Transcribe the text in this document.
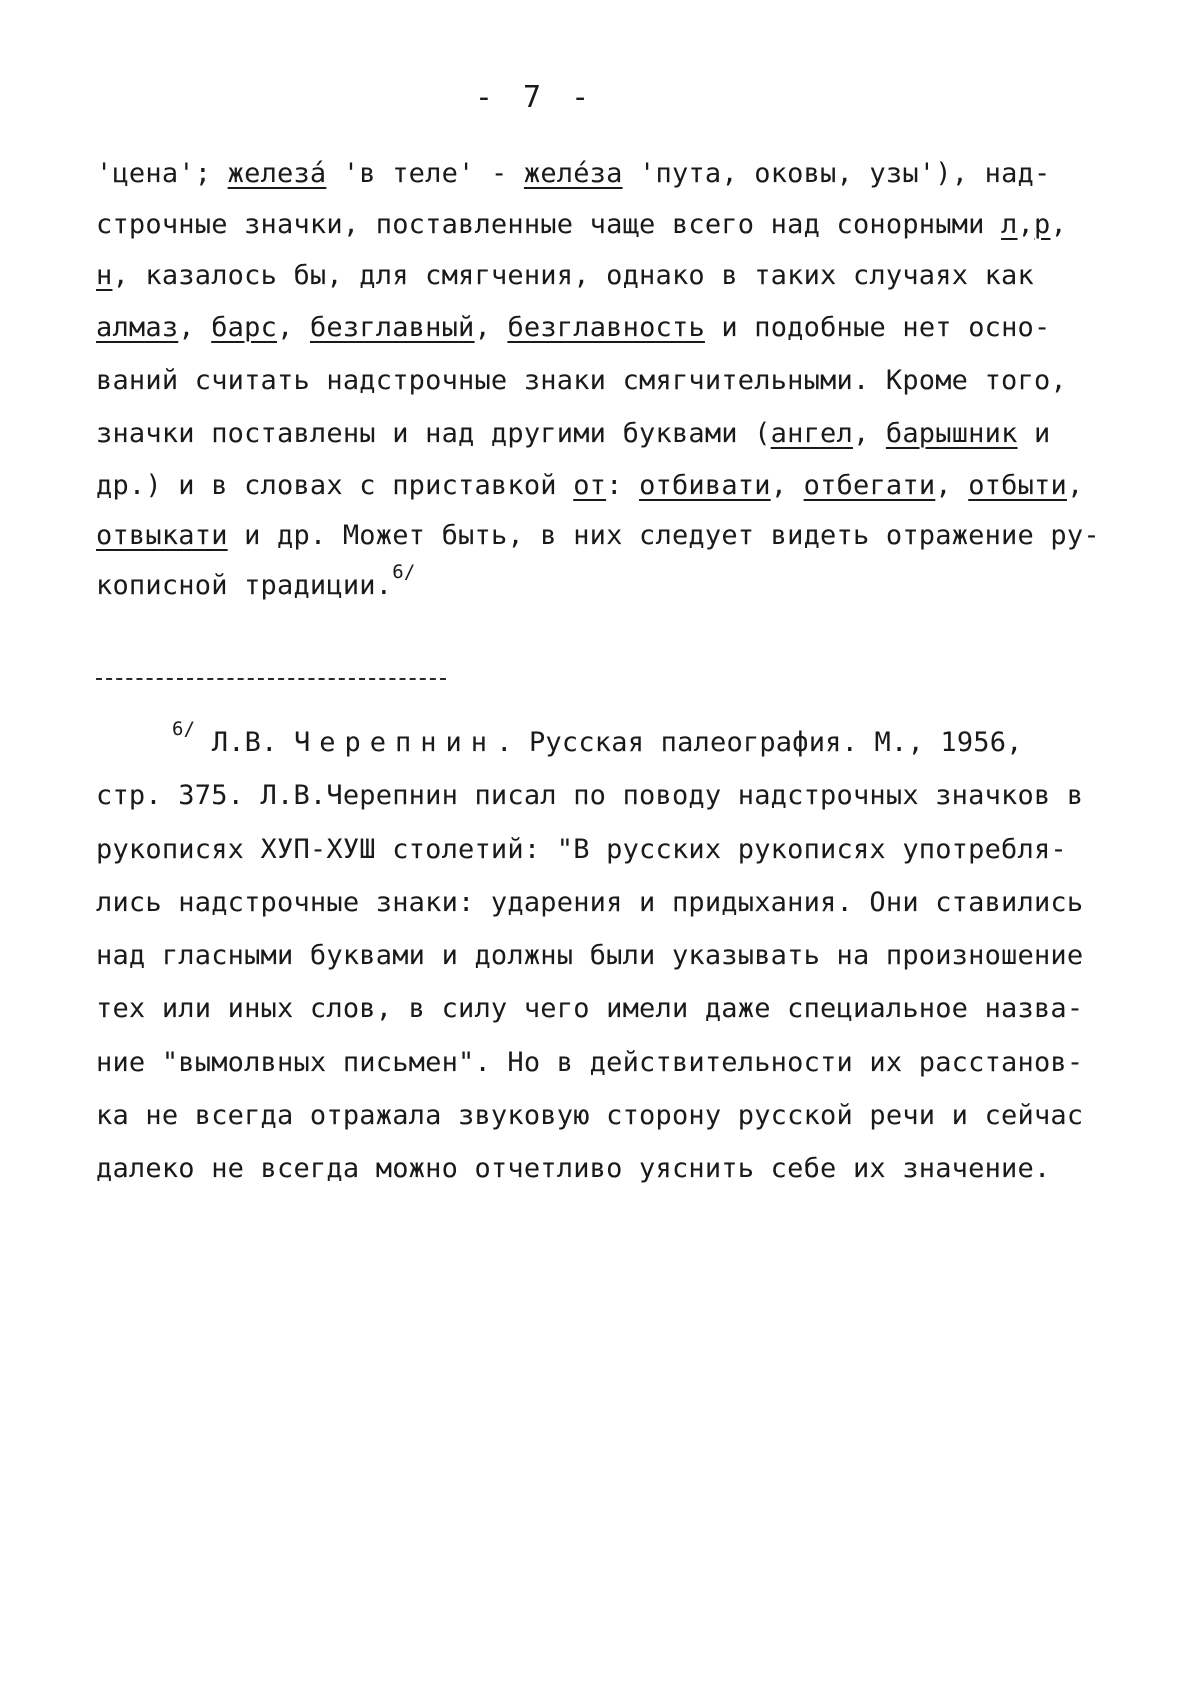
- 7 -
'цена'; железа́ 'в теле' - желе́за 'пута, оковы, узы'), над-
строчные значки, поставленные чаще всего над сонорными л,р,
н, казалось бы, для смягчения, однако в таких случаях как
алмаз, барс, безглавный, безглавность и подобные нет осно-
ваний считать надстрочные знаки смягчительными. Кроме того,
значки поставлены и над другими буквами (ангел, барышник и
др.) и в словах с приставкой от: отбивати, отбегати, отбыти,
отвыкати и др. Может быть, в них следует видеть отражение ру-
кописной традиции.$^{6/}$
$^{6/}$ Л.В. Черепнин. Русская палеография. М., 1956,
стр. 375. Л.В.Черепнин писал по поводу надстрочных значков в
рукописях ХУП-ХУШ столетий: "В русских рукописях употребля-
лись надстрочные знаки: ударения и придыхания. Они ставились
над гласными буквами и должны были указывать на произношение
тех или иных слов, в силу чего имели даже специальное назва-
ние "вымолвных письмен". Но в действительности их расстанов-
ка не всегда отражала звуковую сторону русской речи и сейчас
далеко не всегда можно отчетливо уяснить себе их значение.
